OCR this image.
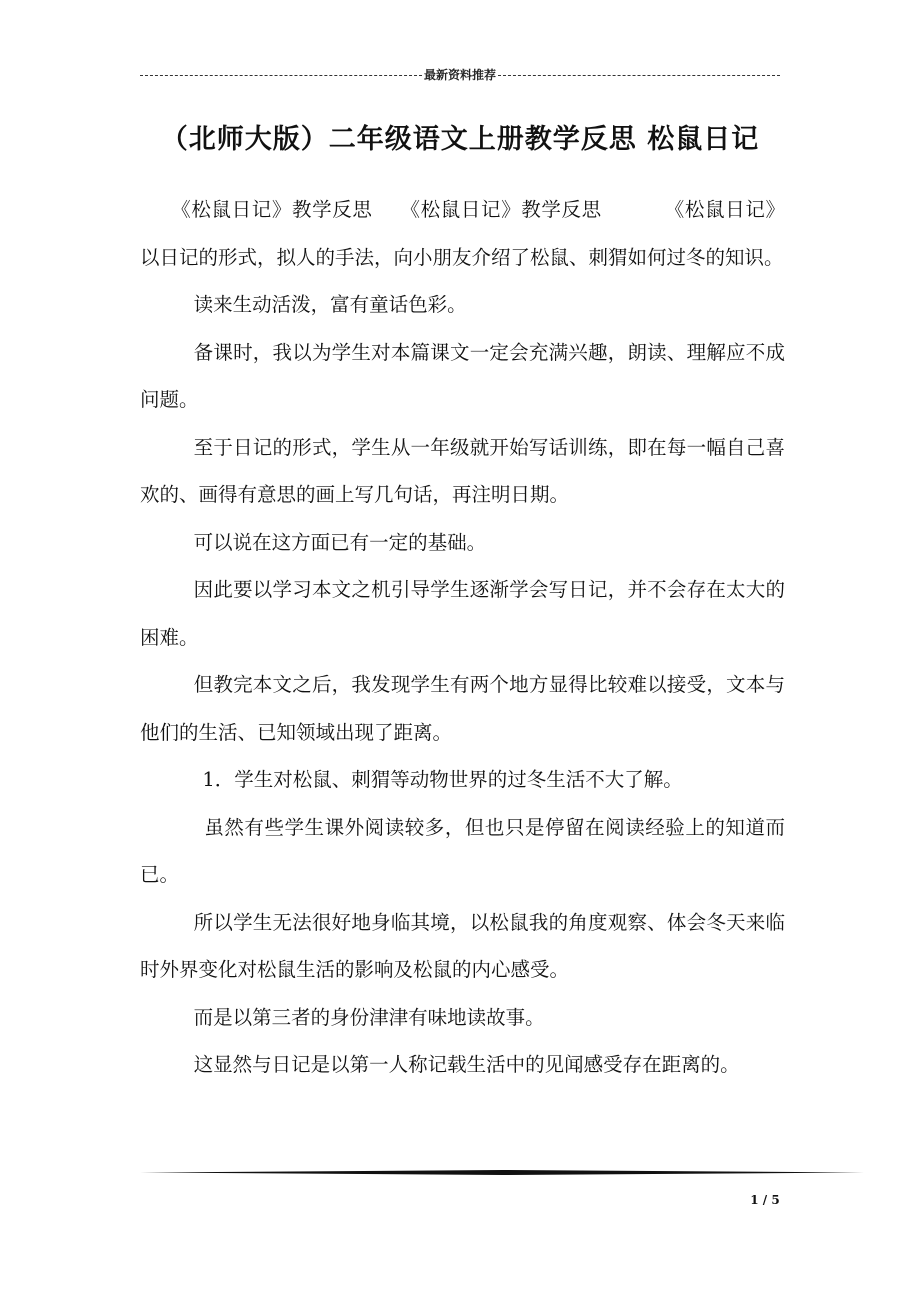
最新资料推荐
（北师大版）二年级语文上册教学反思 松鼠日记

《松鼠日记》教学反思 《松鼠日记》教学反思	《松鼠日记》以日记的形式，拟人的手法，向小朋友介绍了松鼠、刺猬如何过冬的知识。

读来生动活泼，富有童话色彩。

备课时，我以为学生对本篇课文一定会充满兴趣，朗读、理解应不成问题。

至于日记的形式，学生从一年级就开始写话训练，即在每一幅自己喜欢的、画得有意思的画上写几句话，再注明日期。

可以说在这方面已有一定的基础。

因此要以学习本文之机引导学生逐渐学会写日记，并不会存在太大的困难。

但教完本文之后，我发现学生有两个地方显得比较难以接受，文本与他们的生活、已知领域出现了距离。

1．学生对松鼠、刺猬等动物世界的过冬生活不大了解。

虽然有些学生课外阅读较多，但也只是停留在阅读经验上的知道而已。

所以学生无法很好地身临其境，以松鼠我的角度观察、体会冬天来临时外界变化对松鼠生活的影响及松鼠的内心感受。

而是以第三者的身份津津有味地读故事。

这显然与日记是以第一人称记载生活中的见闻感受存在距离的。

1 / 5
